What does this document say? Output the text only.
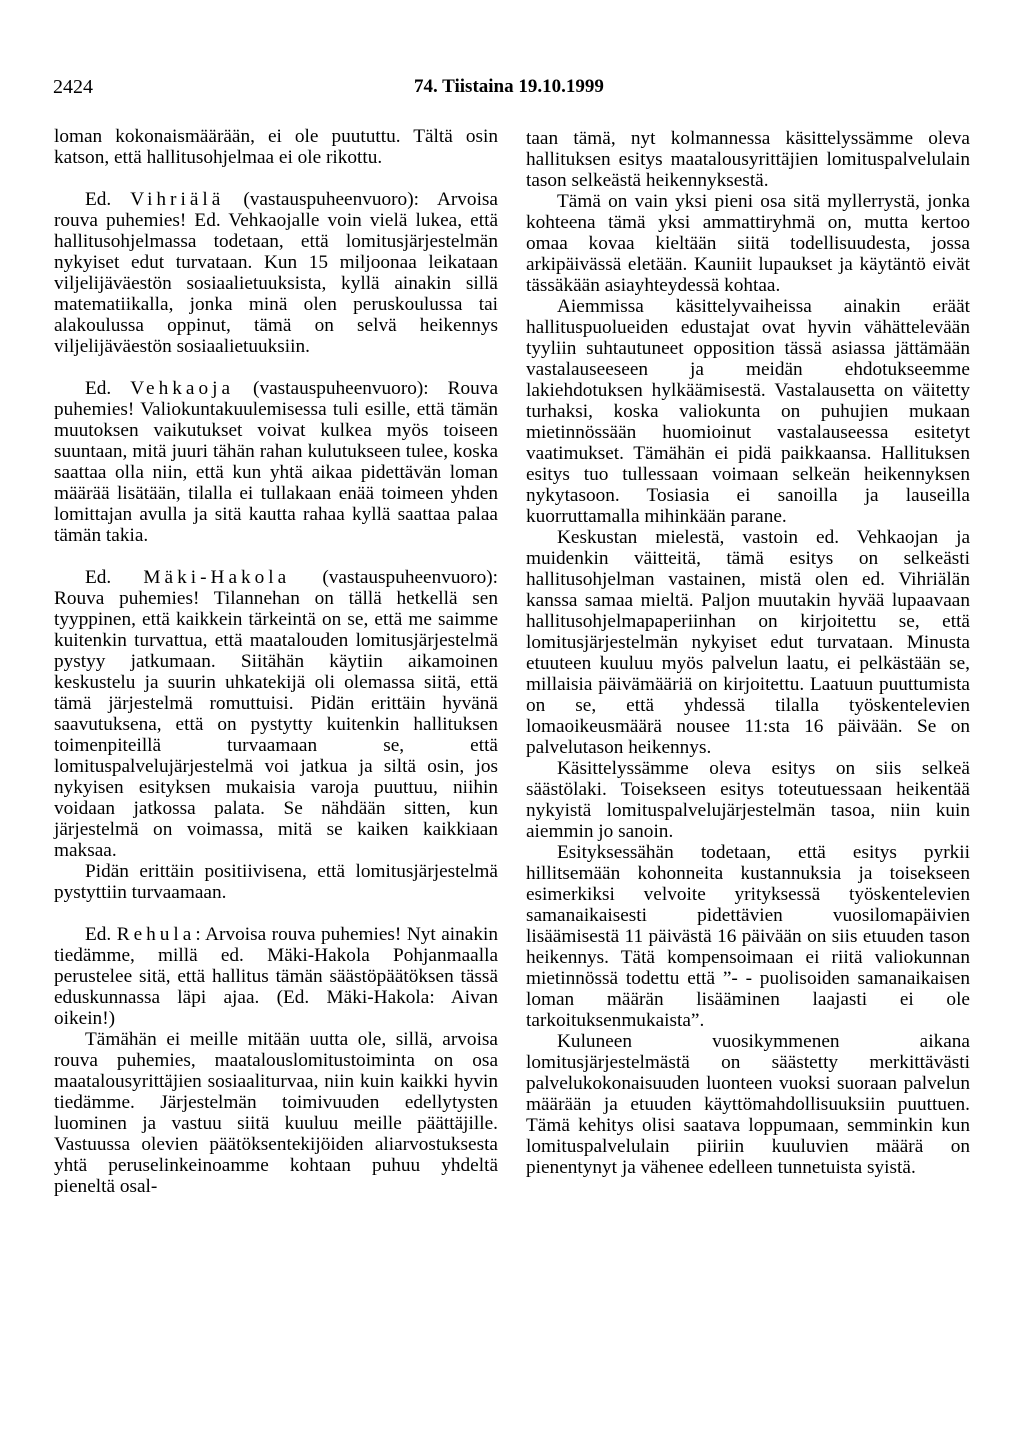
2424	74. Tiistaina 19.10.1999

loman kokonaismäärään, ei ole puututtu. Tältä osin katson, että hallitusohjelmaa ei ole rikottu.

Ed. Vihriälä (vastauspuheenvuoro): Arvoisa rouva puhemies! Ed. Vehkaojalle voin vielä lukea, että hallitusohjelmassa todetaan, että lomitusjärjestelmän nykyiset edut turvataan. Kun 15 miljoonaa leikataan viljelijäväestön sosiaalietuuksista, kyllä ainakin sillä matematiikalla, jonka minä olen peruskoulussa tai alakoulussa oppinut, tämä on selvä heikennys viljelijäväestön sosiaalietuuksiin.

Ed. Vehkaoja (vastauspuheenvuoro): Rouva puhemies! Valiokuntakuulemisessa tuli esille, että tämän muutoksen vaikutukset voivat kulkea myös toiseen suuntaan, mitä juuri tähän rahan kulutukseen tulee, koska saattaa olla niin, että kun yhtä aikaa pidettävän loman määrää lisätään, tilalla ei tullakaan enää toimeen yhden lomittajan avulla ja sitä kautta rahaa kyllä saattaa palaa tämän takia.

Ed. Mäki-Hakola (vastauspuheenvuoro): Rouva puhemies! Tilannehan on tällä hetkellä sen tyyppinen, että kaikkein tärkeintä on se, että me saimme kuitenkin turvattua, että maatalouden lomitusjärjestelmä pystyy jatkumaan. Siitähän käytiin aikamoinen keskustelu ja suurin uhkatekijä oli olemassa siitä, että tämä järjestelmä romuttuisi. Pidän erittäin hyvänä saavutuksena, että on pystytty kuitenkin hallituksen toimenpiteillä turvaamaan se, että lomituspalvelujärjestelmä voi jatkua ja siltä osin, jos nykyisen esityksen mukaisia varoja puuttuu, niihin voidaan jatkossa palata. Se nähdään sitten, kun järjestelmä on voimassa, mitä se kaiken kaikkiaan maksaa.

Pidän erittäin positiivisena, että lomitusjärjestelmä pystyttiin turvaamaan.

Ed. Rehula: Arvoisa rouva puhemies! Nyt ainakin tiedämme, millä ed. Mäki-Hakola Pohjanmaalla perustelee sitä, että hallitus tämän säästöpäätöksen tässä eduskunnassa läpi ajaa. (Ed. Mäki-Hakola: Aivan oikein!)

Tämähän ei meille mitään uutta ole, sillä, arvoisa rouva puhemies, maatalouslomitustoiminta on osa maatalousyrittäjien sosiaaliturvaa, niin kuin kaikki hyvin tiedämme. Järjestelmän toimivuuden edellytysten luominen ja vastuu siitä kuuluu meille päättäjille. Vastuussa olevien päätöksentekijöiden aliarvostuksesta yhtä peruselinkeinoamme kohtaan puhuu yhdeltä pieneltä osal-

taan tämä, nyt kolmannessa käsittelyssämme oleva hallituksen esitys maatalousyrittäjien lomituspalvelulain tason selkeästä heikennyksestä.

Tämä on vain yksi pieni osa sitä myllerrystä, jonka kohteena tämä yksi ammattiryhmä on, mutta kertoo omaa kovaa kieltään siitä todellisuudesta, jossa arkipäivässä eletään. Kauniit lupaukset ja käytäntö eivät tässäkään asiayhteydessä kohtaa.

Aiemmissa käsittelyvaiheissa ainakin eräät hallituspuolueiden edustajat ovat hyvin vähättelevään tyyliin suhtautuneet opposition tässä asiassa jättämään vastalauseeseen ja meidän ehdotukseemme lakiehdotuksen hylkäämisestä. Vastalausetta on väitetty turhaksi, koska valiokunta on puhujien mukaan mietinnössään huomioinut vastalauseessa esitetyt vaatimukset. Tämähän ei pidä paikkaansa. Hallituksen esitys tuo tullessaan voimaan selkeän heikennyksen nykytasoon. Tosiasia ei sanoilla ja lauseilla kuorruttamalla mihinkään parane.

Keskustan mielestä, vastoin ed. Vehkaojan ja muidenkin väitteitä, tämä esitys on selkeästi hallitusohjelman vastainen, mistä olen ed. Vihriälän kanssa samaa mieltä. Paljon muutakin hyvää lupaavaan hallitusohjelmapaperiinhan on kirjoitettu se, että lomitusjärjestelmän nykyiset edut turvataan. Minusta etuuteen kuuluu myös palvelun laatu, ei pelkästään se, millaisia päivämääriä on kirjoitettu. Laatuun puuttumista on se, että yhdessä tilalla työskentelevien lomaoikeusmäärä nousee 11:sta 16 päivään. Se on palvelutason heikennys.

Käsittelyssämme oleva esitys on siis selkeä säästölaki. Toisekseen esitys toteutuessaan heikentää nykyistä lomituspalvelujärjestelmän tasoa, niin kuin aiemmin jo sanoin.

Esityksessähän todetaan, että esitys pyrkii hillitsemään kohonneita kustannuksia ja toisekseen esimerkiksi velvoite yrityksessä työskentelevien samanaikaisesti pidettävien vuosilomapäivien lisäämisestä 11 päivästä 16 päivään on siis etuuden tason heikennys. Tätä kompensoimaan ei riitä valiokunnan mietinnössä todettu että ”- - puolisoiden samanaikaisen loman määrän lisääminen laajasti ei ole tarkoituksenmukaista”.

Kuluneen vuosikymmenen aikana lomitusjärjestelmästä on säästetty merkittävästi palvelukokonaisuuden luonteen vuoksi suoraan palvelun määrään ja etuuden käyttömahdollisuuksiin puuttuen. Tämä kehitys olisi saatava loppumaan, semminkin kun lomituspalvelulain piiriin kuuluvien määrä on pienentynyt ja vähenee edelleen tunnetuista syistä.
